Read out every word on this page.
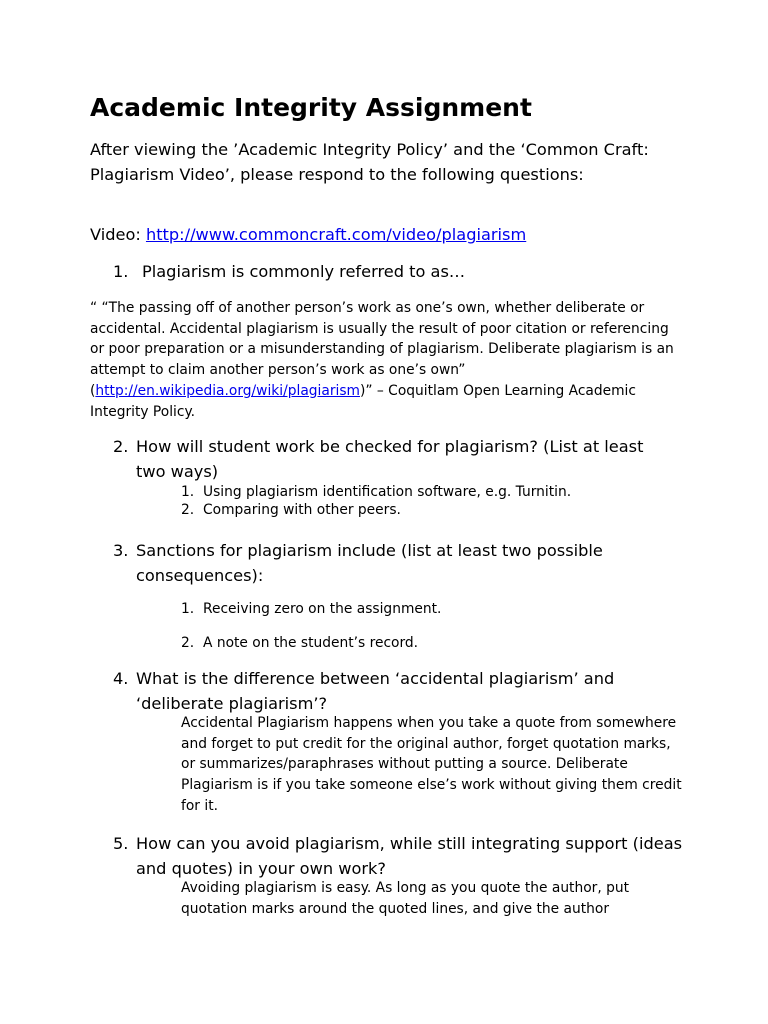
Academic Integrity Assignment
After viewing the ’Academic Integrity Policy’ and the ‘Common Craft: Plagiarism Video’, please respond to the following questions:
Video: http://www.commoncraft.com/video/plagiarism
1. Plagiarism is commonly referred to as…
“ “The passing off of another person’s work as one’s own, whether deliberate or accidental. Accidental plagiarism is usually the result of poor citation or referencing or poor preparation or a misunderstanding of plagiarism. Deliberate plagiarism is an attempt to claim another person’s work as one’s own” (http://en.wikipedia.org/wiki/plagiarism)” – Coquitlam Open Learning Academic Integrity Policy.
2. How will student work be checked for plagiarism? (List at least two ways)
1. Using plagiarism identification software, e.g. Turnitin.
2. Comparing with other peers.
3. Sanctions for plagiarism include (list at least two possible consequences):
1. Receiving zero on the assignment.
2. A note on the student’s record.
4. What is the difference between ‘accidental plagiarism’ and ‘deliberate plagiarism’?
Accidental Plagiarism happens when you take a quote from somewhere and forget to put credit for the original author, forget quotation marks, or summarizes/paraphrases without putting a source. Deliberate Plagiarism is if you take someone else’s work without giving them credit for it.
5. How can you avoid plagiarism, while still integrating support (ideas and quotes) in your own work?
Avoiding plagiarism is easy. As long as you quote the author, put quotation marks around the quoted lines, and give the author
